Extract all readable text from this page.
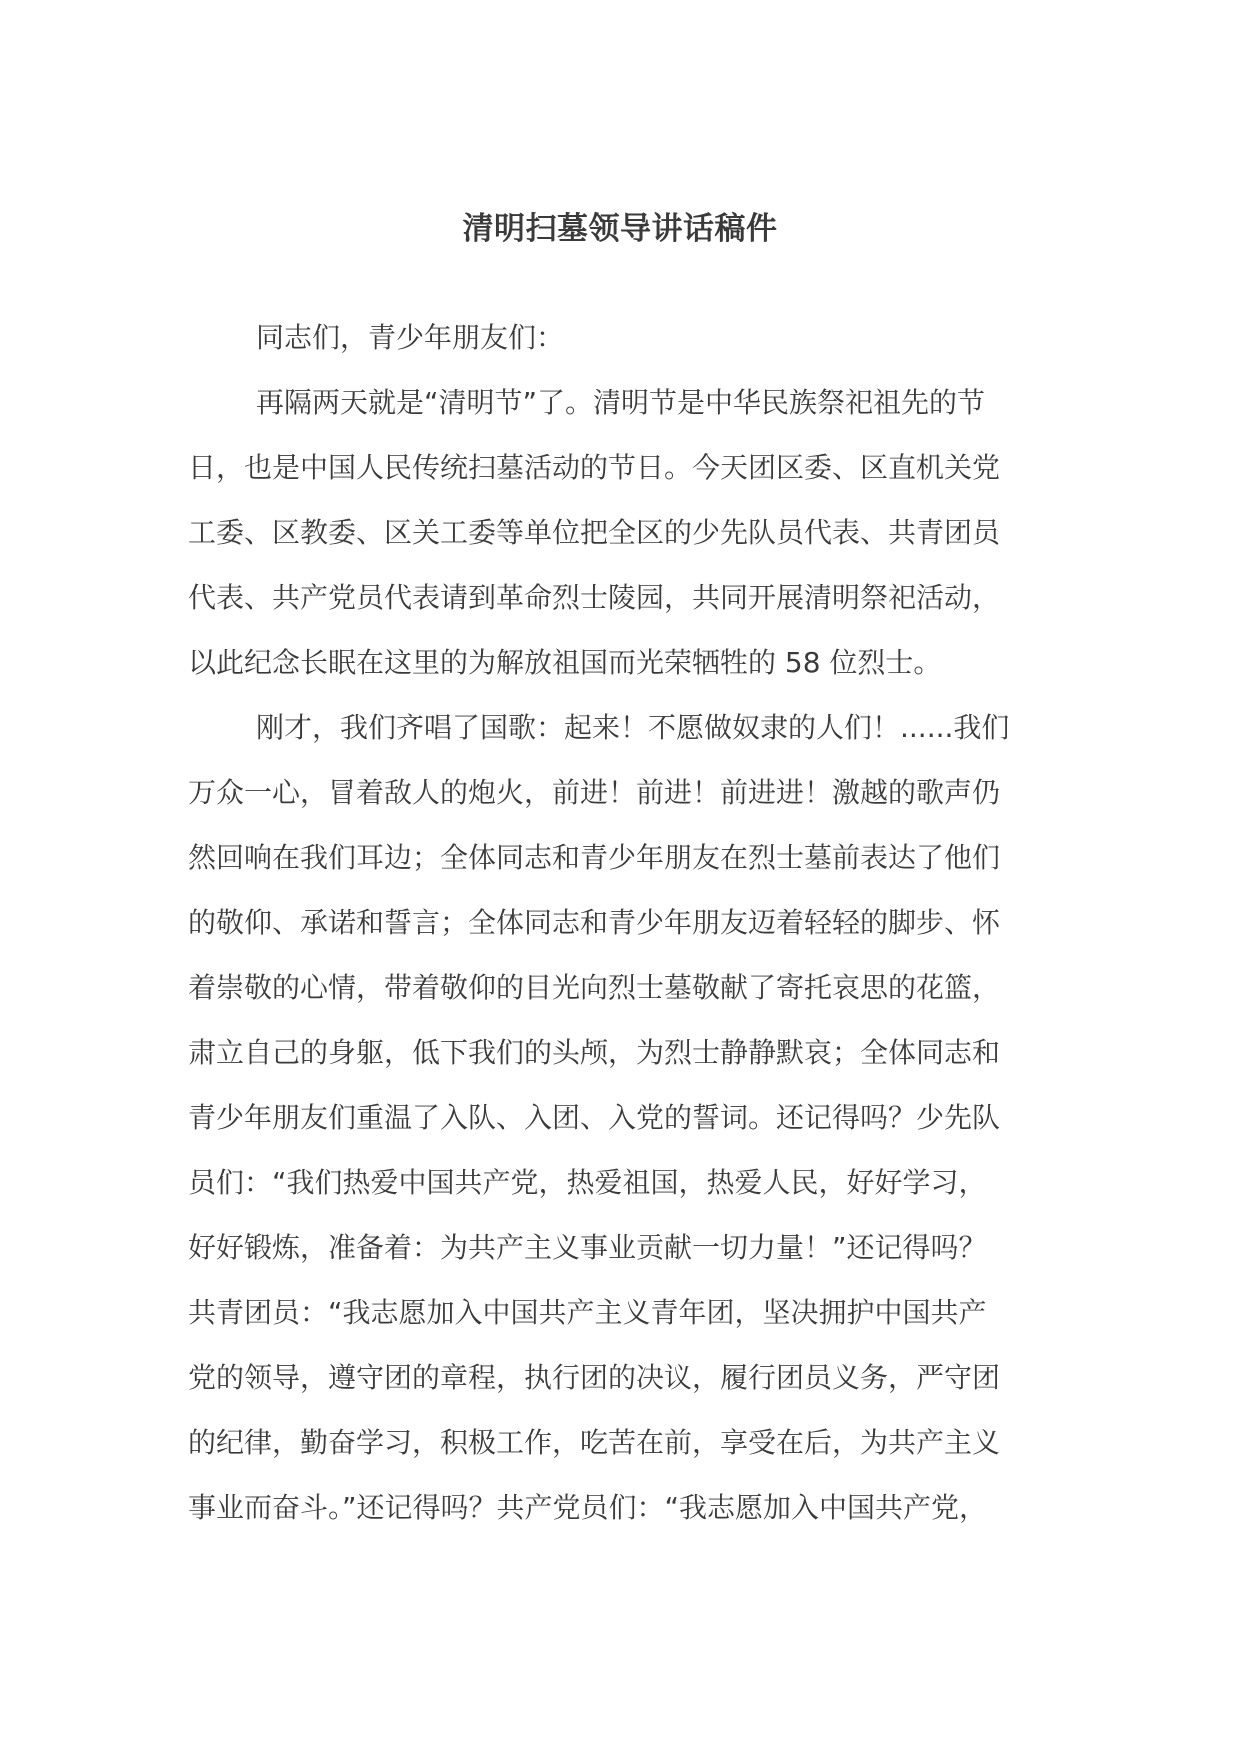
清明扫墓领导讲话稿件
同志们，青少年朋友们：
再隔两天就是“清明节”了。清明节是中华民族祭祀祖先的节
日，也是中国人民传统扫墓活动的节日。今天团区委、区直机关党
工委、区教委、区关工委等单位把全区的少先队员代表、共青团员
代表、共产党员代表请到革命烈士陵园，共同开展清明祭祀活动，
以此纪念长眠在这里的为解放祖国而光荣牺牲的 58 位烈士。
刚才，我们齐唱了国歌：起来！不愿做奴隶的人们！......我们
万众一心，冒着敌人的炮火，前进！前进！前进进！激越的歌声仍
然回响在我们耳边；全体同志和青少年朋友在烈士墓前表达了他们
的敬仰、承诺和誓言；全体同志和青少年朋友迈着轻轻的脚步、怀
着崇敬的心情，带着敬仰的目光向烈士墓敬献了寄托哀思的花篮，
肃立自己的身躯，低下我们的头颅，为烈士静静默哀；全体同志和
青少年朋友们重温了入队、入团、入党的誓词。还记得吗？少先队
员们：“我们热爱中国共产党，热爱祖国，热爱人民，好好学习，
好好锻炼，准备着：为共产主义事业贡献一切力量！”还记得吗？
共青团员：“我志愿加入中国共产主义青年团，坚决拥护中国共产
党的领导，遵守团的章程，执行团的决议，履行团员义务，严守团
的纪律，勤奋学习，积极工作，吃苦在前，享受在后，为共产主义
事业而奋斗。”还记得吗？共产党员们：“我志愿加入中国共产党，
